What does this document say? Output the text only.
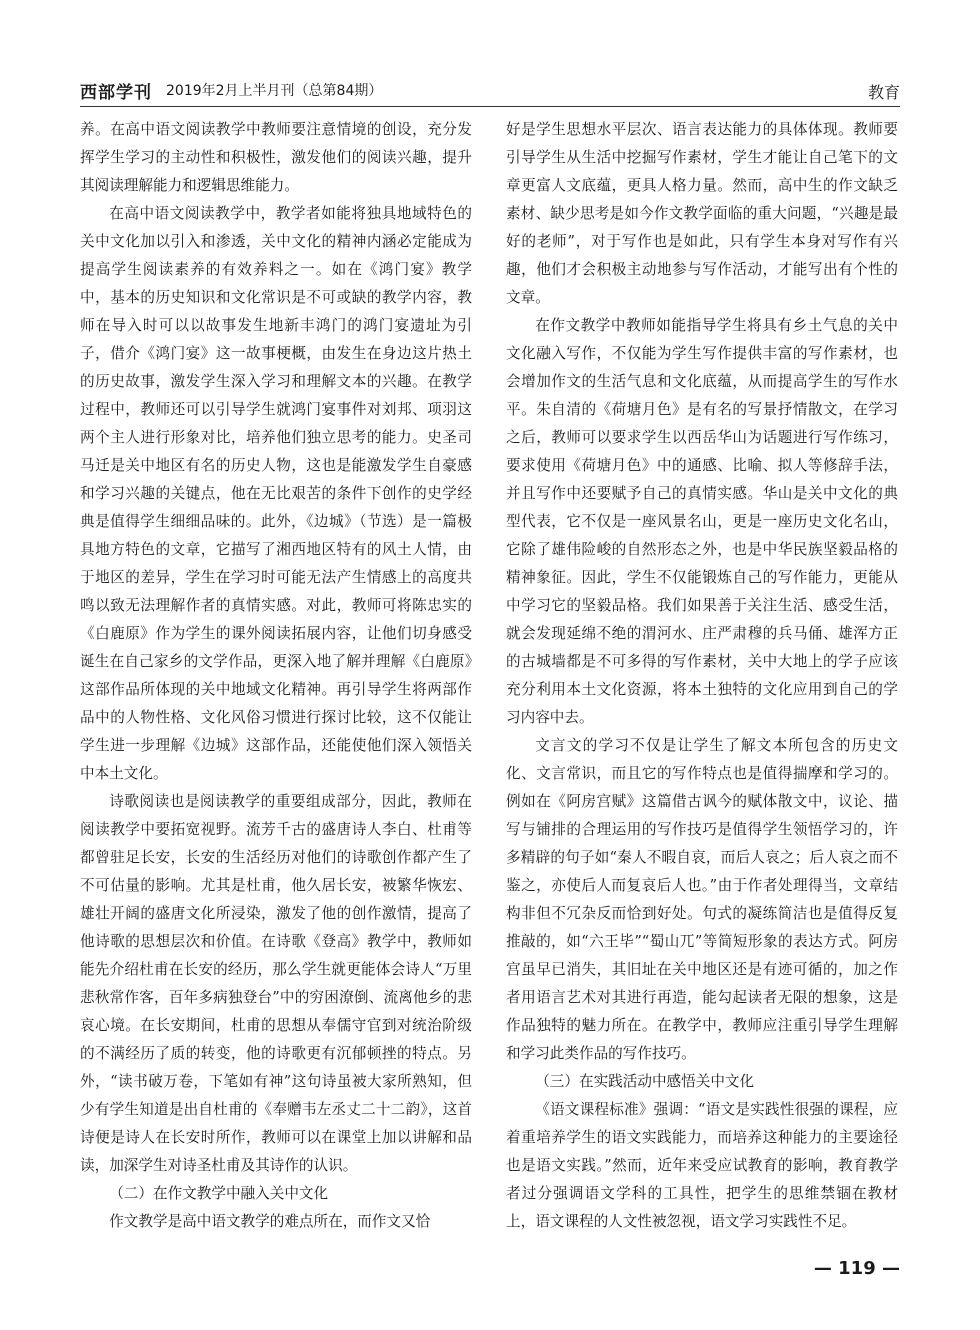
西部学刊 2019年2月上半月刊（总第84期）	教育

养。在高中语文阅读教学中教师要注意情境的创设，充分发挥学生学习的主动性和积极性，激发他们的阅读兴趣，提升其阅读理解能力和逻辑思维能力。

在高中语文阅读教学中，教学者如能将独具地域特色的关中文化加以引入和渗透，关中文化的精神内涵必定能成为提高学生阅读素养的有效养料之一。如在《鸿门宴》教学中，基本的历史知识和文化常识是不可或缺的教学内容，教师在导入时可以以故事发生地新丰鸿门的鸿门宴遗址为引子，借介《鸿门宴》这一故事梗概，由发生在身边这片热土的历史故事，激发学生深入学习和理解文本的兴趣。在教学过程中，教师还可以引导学生就鸿门宴事件对刘邦、项羽这两个主人进行形象对比，培养他们独立思考的能力。史圣司马迁是关中地区有名的历史人物，这也是能激发学生自豪感和学习兴趣的关键点，他在无比艰苦的条件下创作的史学经典是值得学生细细品味的。此外，《边城》（节选）是一篇极具地方特色的文章，它描写了湘西地区特有的风土人情，由于地区的差异，学生在学习时可能无法产生情感上的高度共鸣以致无法理解作者的真情实感。对此，教师可将陈忠实的《白鹿原》作为学生的课外阅读拓展内容，让他们切身感受诞生在自己家乡的文学作品，更深入地了解并理解《白鹿原》这部作品所体现的关中地域文化精神。再引导学生将两部作品中的人物性格、文化风俗习惯进行探讨比较，这不仅能让学生进一步理解《边城》这部作品，还能使他们深入领悟关中本土文化。

诗歌阅读也是阅读教学的重要组成部分，因此，教师在阅读教学中要拓宽视野。流芳千古的盛唐诗人李白、杜甫等都曾驻足长安，长安的生活经历对他们的诗歌创作都产生了不可估量的影响。尤其是杜甫，他久居长安，被繁华恢宏、雄壮开阔的盛唐文化所浸染，激发了他的创作激情，提高了他诗歌的思想层次和价值。在诗歌《登高》教学中，教师如能先介绍杜甫在长安的经历，那么学生就更能体会诗人“万里悲秋常作客，百年多病独登台”中的穷困潦倒、流离他乡的悲哀心境。在长安期间，杜甫的思想从奉儒守官到对统治阶级的不满经历了质的转变，他的诗歌更有沉郁顿挫的特点。另外，“读书破万卷，下笔如有神”这句诗虽被大家所熟知，但少有学生知道是出自杜甫的《奉赠韦左丞丈二十二韵》，这首诗便是诗人在长安时所作，教师可以在课堂上加以讲解和品读，加深学生对诗圣杜甫及其诗作的认识。

（二）在作文教学中融入关中文化

作文教学是高中语文教学的难点所在，而作文又恰

好是学生思想水平层次、语言表达能力的具体体现。教师要引导学生从生活中挖掘写作素材，学生才能让自己笔下的文章更富人文底蕴，更具人格力量。然而，高中生的作文缺乏素材、缺少思考是如今作文教学面临的重大问题，“兴趣是最好的老师”，对于写作也是如此，只有学生本身对写作有兴趣，他们才会积极主动地参与写作活动，才能写出有个性的文章。

在作文教学中教师如能指导学生将具有乡土气息的关中文化融入写作，不仅能为学生写作提供丰富的写作素材，也会增加作文的生活气息和文化底蕴，从而提高学生的写作水平。朱自清的《荷塘月色》是有名的写景抒情散文，在学习之后，教师可以要求学生以西岳华山为话题进行写作练习，要求使用《荷塘月色》中的通感、比喻、拟人等修辞手法，并且写作中还要赋予自己的真情实感。华山是关中文化的典型代表，它不仅是一座风景名山，更是一座历史文化名山，它除了雄伟险峻的自然形态之外，也是中华民族坚毅品格的精神象征。因此，学生不仅能锻炼自己的写作能力，更能从中学习它的坚毅品格。我们如果善于关注生活、感受生活，就会发现延绵不绝的渭河水、庄严肃穆的兵马俑、雄浑方正的古城墙都是不可多得的写作素材，关中大地上的学子应该充分利用本土文化资源，将本土独特的文化应用到自己的学习内容中去。

文言文的学习不仅是让学生了解文本所包含的历史文化、文言常识，而且它的写作特点也是值得揣摩和学习的。例如在《阿房宫赋》这篇借古讽今的赋体散文中，议论、描写与铺排的合理运用的写作技巧是值得学生领悟学习的，许多精辟的句子如“秦人不暇自哀，而后人哀之；后人哀之而不鉴之，亦使后人而复哀后人也。”由于作者处理得当，文章结构非但不冗杂反而恰到好处。句式的凝练简洁也是值得反复推敲的，如“六王毕”“蜀山兀”等简短形象的表达方式。阿房宫虽早已消失，其旧址在关中地区还是有迹可循的，加之作者用语言艺术对其进行再造，能勾起读者无限的想象，这是作品独特的魅力所在。在教学中，教师应注重引导学生理解和学习此类作品的写作技巧。

（三）在实践活动中感悟关中文化

《语文课程标准》强调：“语文是实践性很强的课程，应着重培养学生的语文实践能力，而培养这种能力的主要途径也是语文实践。”然而，近年来受应试教育的影响，教育教学者过分强调语文学科的工具性，把学生的思维禁锢在教材上，语文课程的人文性被忽视，语文学习实践性不足。

— 119 —
